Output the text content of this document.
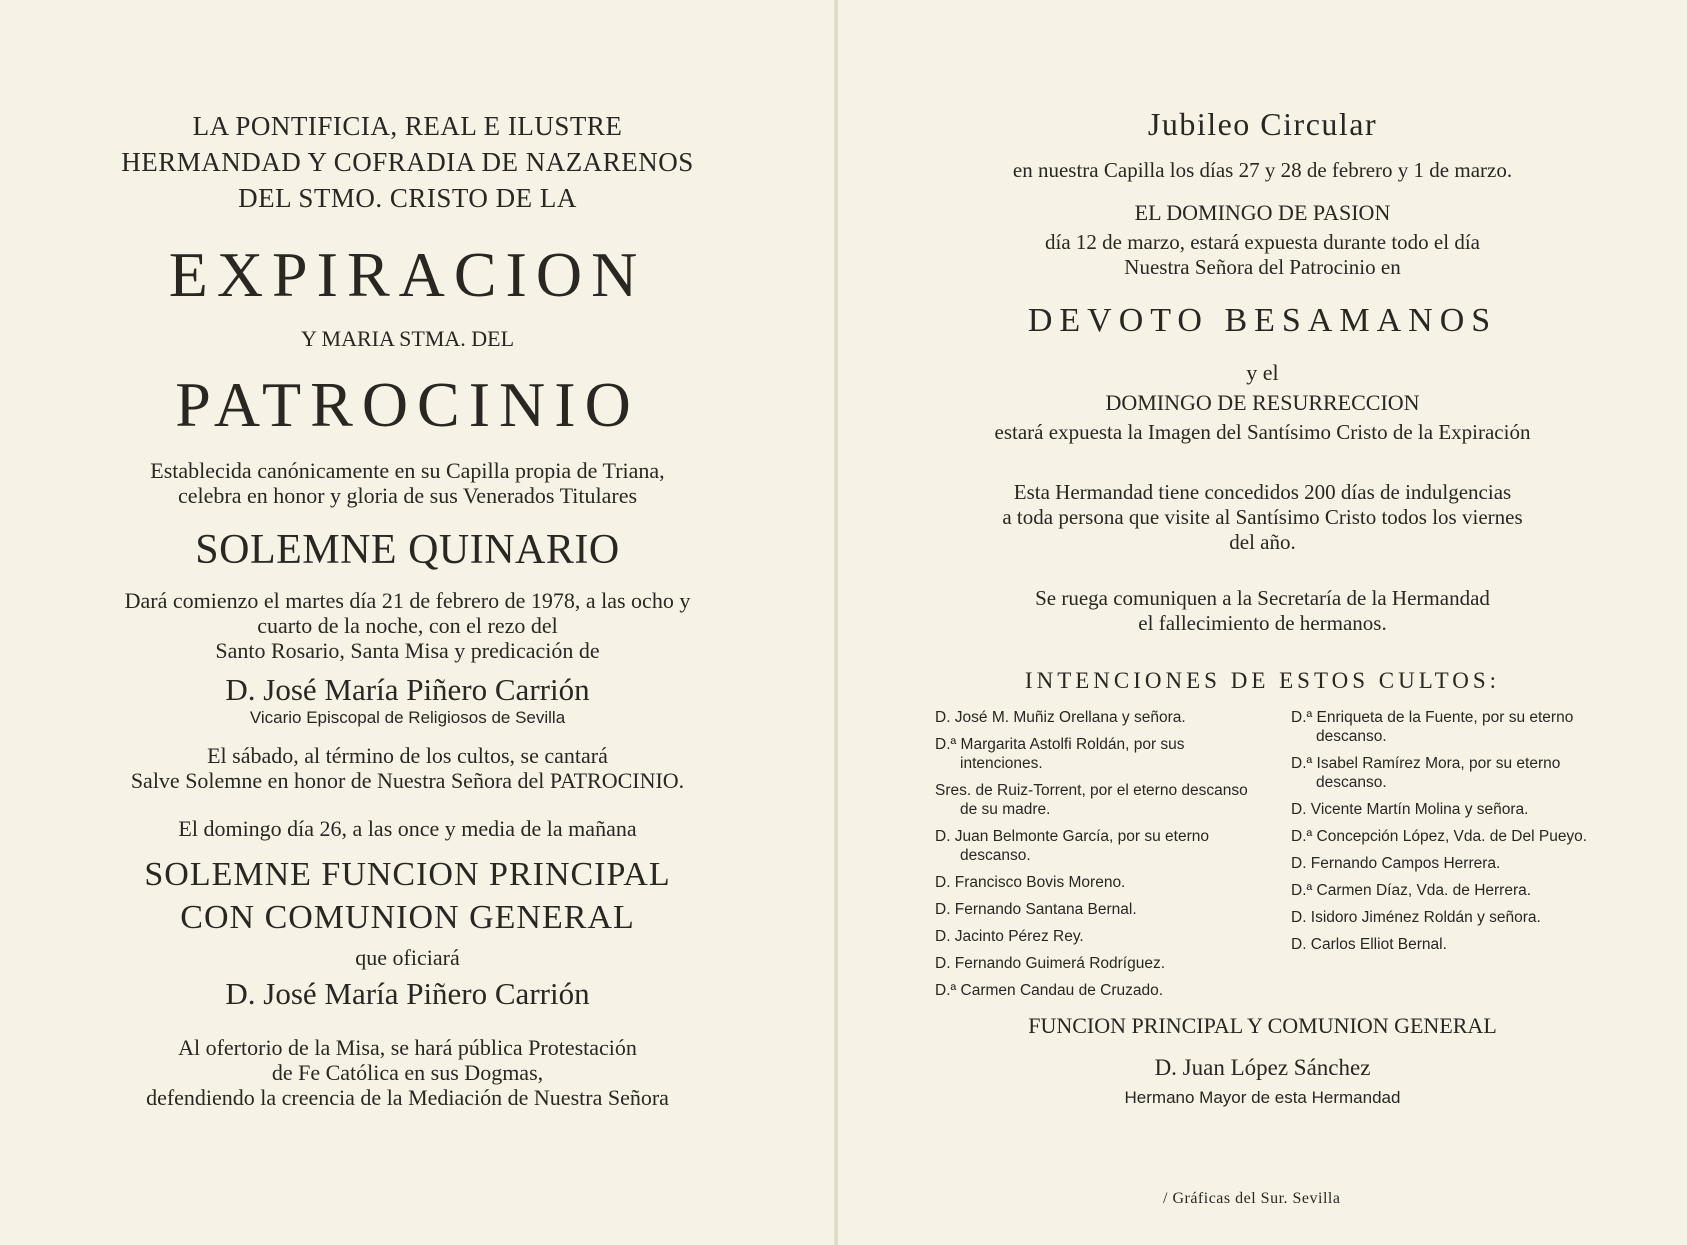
LA PONTIFICIA, REAL E ILUSTRE
HERMANDAD Y COFRADIA DE NAZARENOS
DEL STMO. CRISTO DE LA
EXPIRACION
Y MARIA STMA. DEL
PATROCINIO
Establecida canónicamente en su Capilla propia de Triana,
celebra en honor y gloria de sus Venerados Titulares
SOLEMNE QUINARIO
Dará comienzo el martes día 21 de febrero de 1978, a las ocho y
cuarto de la noche, con el rezo del
Santo Rosario, Santa Misa y predicación de
D. José María Piñero Carrión
Vicario Episcopal de Religiosos de Sevilla
El sábado, al término de los cultos, se cantará
Salve Solemne en honor de Nuestra Señora del PATROCINIO.
El domingo día 26, a las once y media de la mañana
SOLEMNE FUNCION PRINCIPAL
CON COMUNION GENERAL
que oficiará
D. José María Piñero Carrión
Al ofertorio de la Misa, se hará pública Protestación
de Fe Católica en sus Dogmas,
defendiendo la creencia de la Mediación de Nuestra Señora
Jubileo Circular
en nuestra Capilla los días 27 y 28 de febrero y 1 de marzo.
EL DOMINGO DE PASION
día 12 de marzo, estará expuesta durante todo el día
Nuestra Señora del Patrocinio en
DEVOTO BESAMANOS
y el
DOMINGO DE RESURRECCION
estará expuesta la Imagen del Santísimo Cristo de la Expiración
Esta Hermandad tiene concedidos 200 días de indulgencias
a toda persona que visite al Santísimo Cristo todos los viernes
del año.
Se ruega comuniquen a la Secretaría de la Hermandad
el fallecimiento de hermanos.
INTENCIONES DE ESTOS CULTOS:
FUNCION PRINCIPAL Y COMUNION GENERAL
D. Juan López Sánchez
Hermano Mayor de esta Hermandad
D. José M. Muñiz Orellana y señora.
D.ª Margarita Astolfi Roldán, por sus intenciones.
Sres. de Ruiz-Torrent, por el eterno descanso de su madre.
D. Juan Belmonte García, por su eterno descanso.
D. Francisco Bovis Moreno.
D. Fernando Santana Bernal.
D. Jacinto Pérez Rey.
D. Fernando Guimerá Rodríguez.
D.ª Carmen Candau de Cruzado.
D.ª Enriqueta de la Fuente, por su eterno descanso.
D.ª Isabel Ramírez Mora, por su eterno descanso.
D. Vicente Martín Molina y señora.
D.ª Concepción López, Vda. de Del Pueyo.
D. Fernando Campos Herrera.
D.ª Carmen Díaz, Vda. de Herrera.
D. Isidoro Jiménez Roldán y señora.
D. Carlos Elliot Bernal.
/ Gráficas del Sur. Sevilla
